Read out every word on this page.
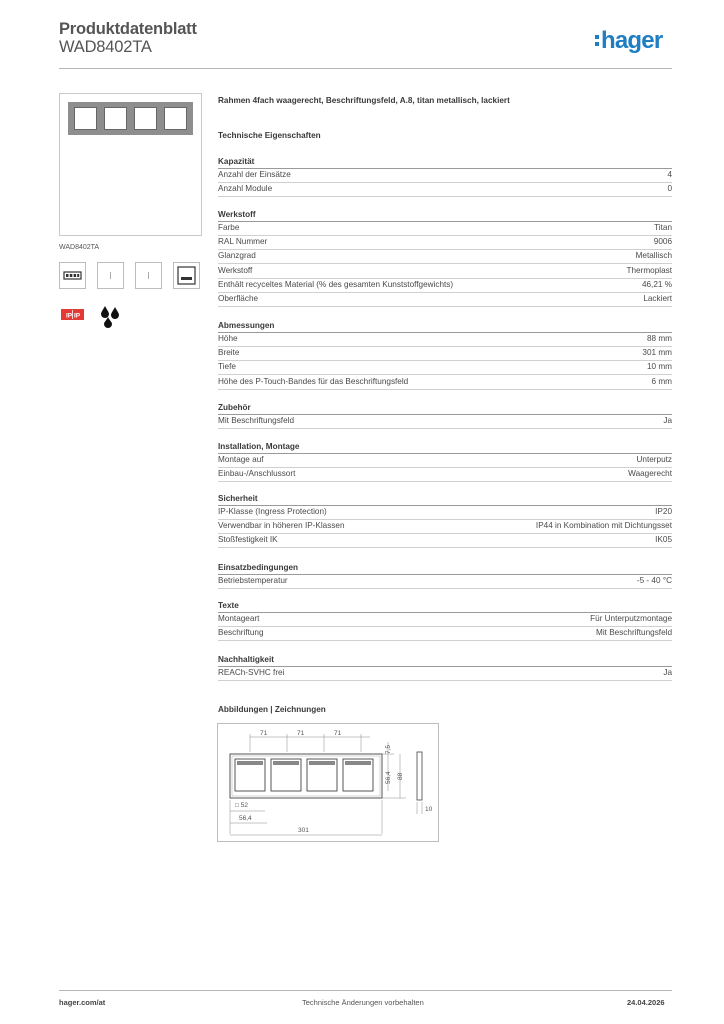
Produktdatenblatt
WAD8402TA	hager
WAD8402TA
IP IP
Rahmen 4fach waagerecht, Beschriftungsfeld, A.8, titan metallisch, lackiert
Technische Eigenschaften
Kapazität
Anzahl der Einsätze	4
Anzahl Module	0
Werkstoff
Farbe	Titan
RAL Nummer	9006
Glanzgrad	Metallisch
Werkstoff	Thermoplast
Enthält recyceltes Material (% des gesamten Kunststoffgewichts)	46,21 %
Oberfläche	Lackiert
Abmessungen
Höhe	88 mm
Breite	301 mm
Tiefe	10 mm
Höhe des P-Touch-Bandes für das Beschriftungsfeld	6 mm
Zubehör
Mit Beschriftungsfeld	Ja
Installation, Montage
Montage auf	Unterputz
Einbau-/Anschlussort	Waagerecht
Sicherheit
IP-Klasse (Ingress Protection)	IP20
Verwendbar in höheren IP-Klassen	IP44 in Kombination mit Dichtungsset
Stoßfestigkeit IK	IK05
Einsatzbedingungen
Betriebstemperatur	-5 - 40 °C
Texte
Montageart	Für Unterputzmontage
Beschriftung	Mit Beschriftungsfeld
Nachhaltigkeit
REACh-SVHC frei	Ja
Abbildungen | Zeichnungen
71	71	71
7,5
56,4 88
10
□ 52
56,4
301
hager.com/at	Technische Änderungen vorbehalten	24.04.2026
